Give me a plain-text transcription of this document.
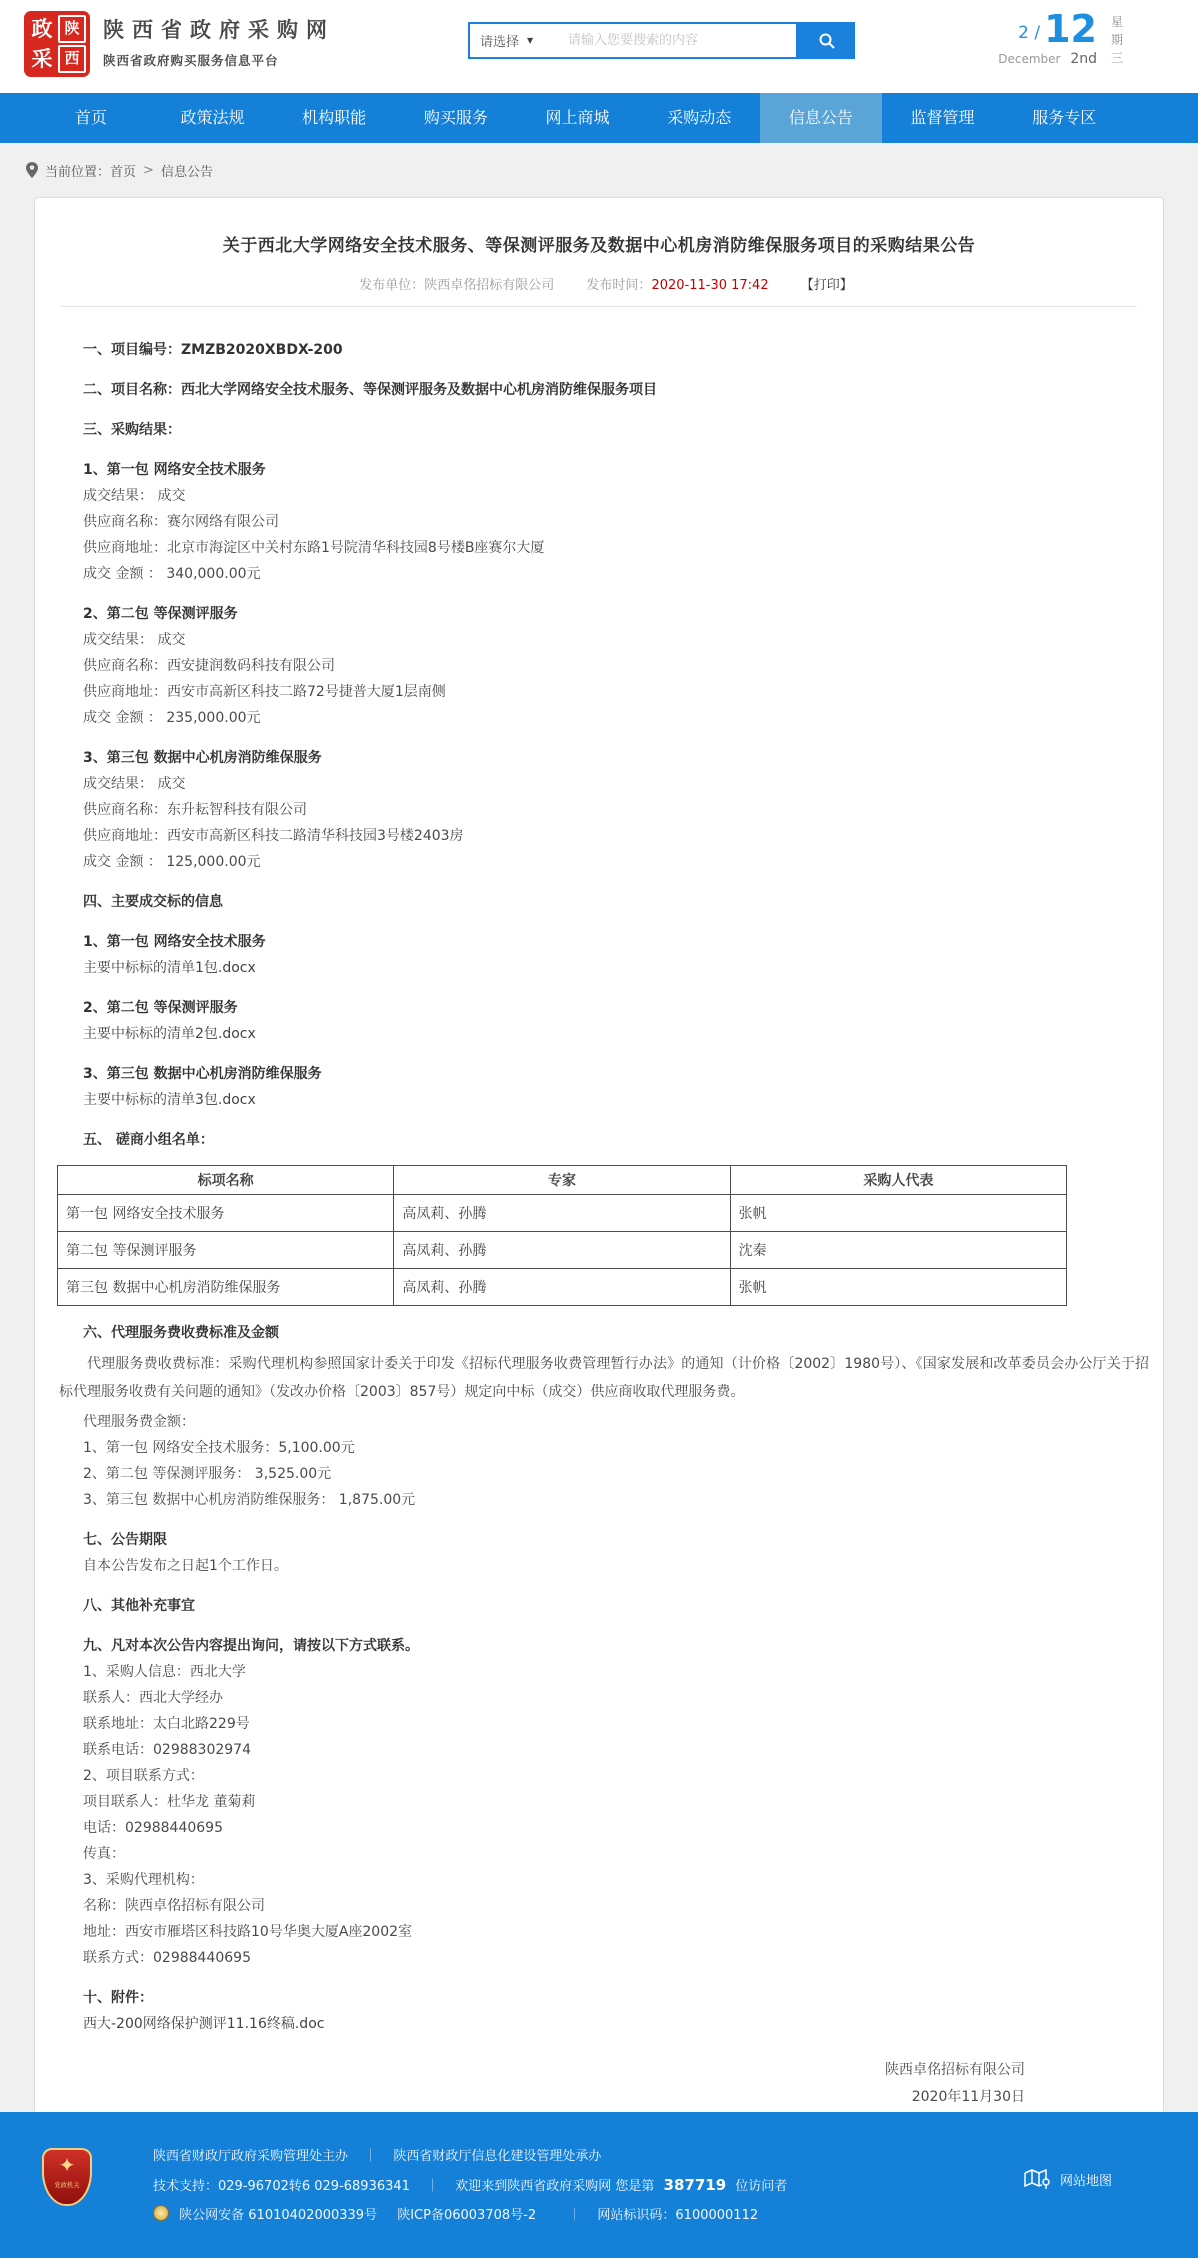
政 陕
采 西
陕西省政府采购网
陕西省政府购买服务信息平台
请选择 ▼
请输入您要搜索的内容	2 / 12
December 2nd
星
期
三
首页	政策法规	机构职能	购买服务	网上商城	采购动态	信息公告	监督管理	服务专区
当前位置： 首页 > 信息公告
关于西北大学网络安全技术服务、等保测评服务及数据中心机房消防维保服务项目的采购结果公告
发布单位：陕西卓佲招标有限公司 发布时间：2020-11-30 17:42 【打印】
一、项目编号：ZMZB2020XBDX-200
二、项目名称：西北大学网络安全技术服务、等保测评服务及数据中心机房消防维保服务项目
三、采购结果：
1、第一包 网络安全技术服务
成交结果： 成交
供应商名称：赛尔网络有限公司
供应商地址：北京市海淀区中关村东路1号院清华科技园8号楼B座赛尔大厦
成交 金额 ： 340,000.00元
2、第二包 等保测评服务
成交结果： 成交
供应商名称：西安捷润数码科技有限公司
供应商地址：西安市高新区科技二路72号捷普大厦1层南侧
成交 金额 ： 235,000.00元
3、第三包 数据中心机房消防维保服务
成交结果： 成交
供应商名称：东升耘智科技有限公司
供应商地址：西安市高新区科技二路清华科技园3号楼2403房
成交 金额 ： 125,000.00元
四、主要成交标的信息
1、第一包 网络安全技术服务
主要中标标的清单1包.docx
2、第二包 等保测评服务
主要中标标的清单2包.docx
3、第三包 数据中心机房消防维保服务
主要中标标的清单3包.docx
五、 磋商小组名单：
标项名称	专家	采购人代表
第一包 网络安全技术服务	高凤莉、孙腾	张帆
第二包 等保测评服务	高凤莉、孙腾	沈秦
第三包 数据中心机房消防维保服务	高凤莉、孙腾	张帆
六、代理服务费收费标准及金额
代理服务费收费标准：采购代理机构参照国家计委关于印发《招标代理服务收费管理暂行办法》的通知（计价格〔2002〕1980号）、《国家发展和改革委员会办公厅关于招标代理服务收费有关问题的通知》（发改办价格〔2003〕857号）规定向中标（成交）供应商收取代理服务费。
代理服务费金额：
1、第一包 网络安全技术服务：5,100.00元
2、第二包 等保测评服务： 3,525.00元
3、第三包 数据中心机房消防维保服务： 1,875.00元
七、公告期限
自本公告发布之日起1个工作日。
八、其他补充事宜
九、凡对本次公告内容提出询问，请按以下方式联系。
1、采购人信息：西北大学
联系人：西北大学经办
联系地址：太白北路229号
联系电话：02988302974
2、项目联系方式：
项目联系人：杜华龙 董菊莉
电话：02988440695
传真：
3、采购代理机构：
名称：陕西卓佲招标有限公司
地址：西安市雁塔区科技路10号华奥大厦A座2002室
联系方式：02988440695
十、附件：
西大-200网络保护测评11.16终稿.doc
陕西卓佲招标有限公司
2020年11月30日
✦
党政机关
陕西省财政厅政府采购管理处主办 ｜ 陕西省财政厅信息化建设管理处承办
技术支持：029-96702转6 029-68936341 ｜ 欢迎来到陕西省政府采购网 您是第 387719 位访问者
陕公网安备 61010402000339号 陕ICP备06003708号-2 ｜ 网站标识码：6100000112
网站地图
